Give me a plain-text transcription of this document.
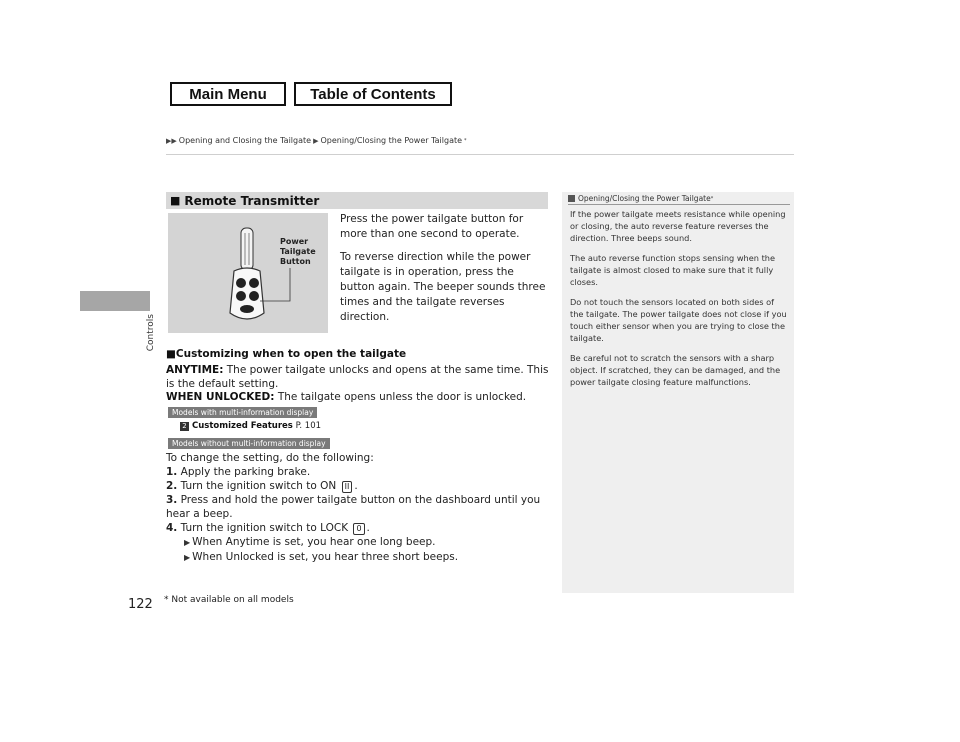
Main Menu	Table of Contents
Controls
122
▶▶ Opening and Closing the Tailgate ▶ Opening/Closing the Power Tailgate *
■ Remote Transmitter
Power
Tailgate
Button

Press the power tailgate button for more than one second to operate.

To reverse direction while the power tailgate is in operation, press the button again. The beeper sounds three times and the tailgate reverses direction.

■Customizing when to open the tailgate
ANYTIME: The power tailgate unlocks and opens at the same time. This is the default setting.
WHEN UNLOCKED: The tailgate opens unless the door is unlocked.
Models with multi-information display
2 Customized Features P. 101
Models without multi-information display
To change the setting, do the following:
1. Apply the parking brake.
2. Turn the ignition switch to ON II .
3. Press and hold the power tailgate button on the dashboard until you hear a beep.
4. Turn the ignition switch to LOCK 0 .
▶ When Anytime is set, you hear one long beep.
▶ When Unlocked is set, you hear three short beeps.
Opening/Closing the Power Tailgate *

If the power tailgate meets resistance while opening or closing, the auto reverse feature reverses the direction. Three beeps sound.

The auto reverse function stops sensing when the tailgate is almost closed to make sure that it fully closes.

Do not touch the sensors located on both sides of the tailgate. The power tailgate does not close if you touch either sensor when you are trying to close the tailgate.

Be careful not to scratch the sensors with a sharp object. If scratched, they can be damaged, and the power tailgate closing feature malfunctions.

* Not available on all models
